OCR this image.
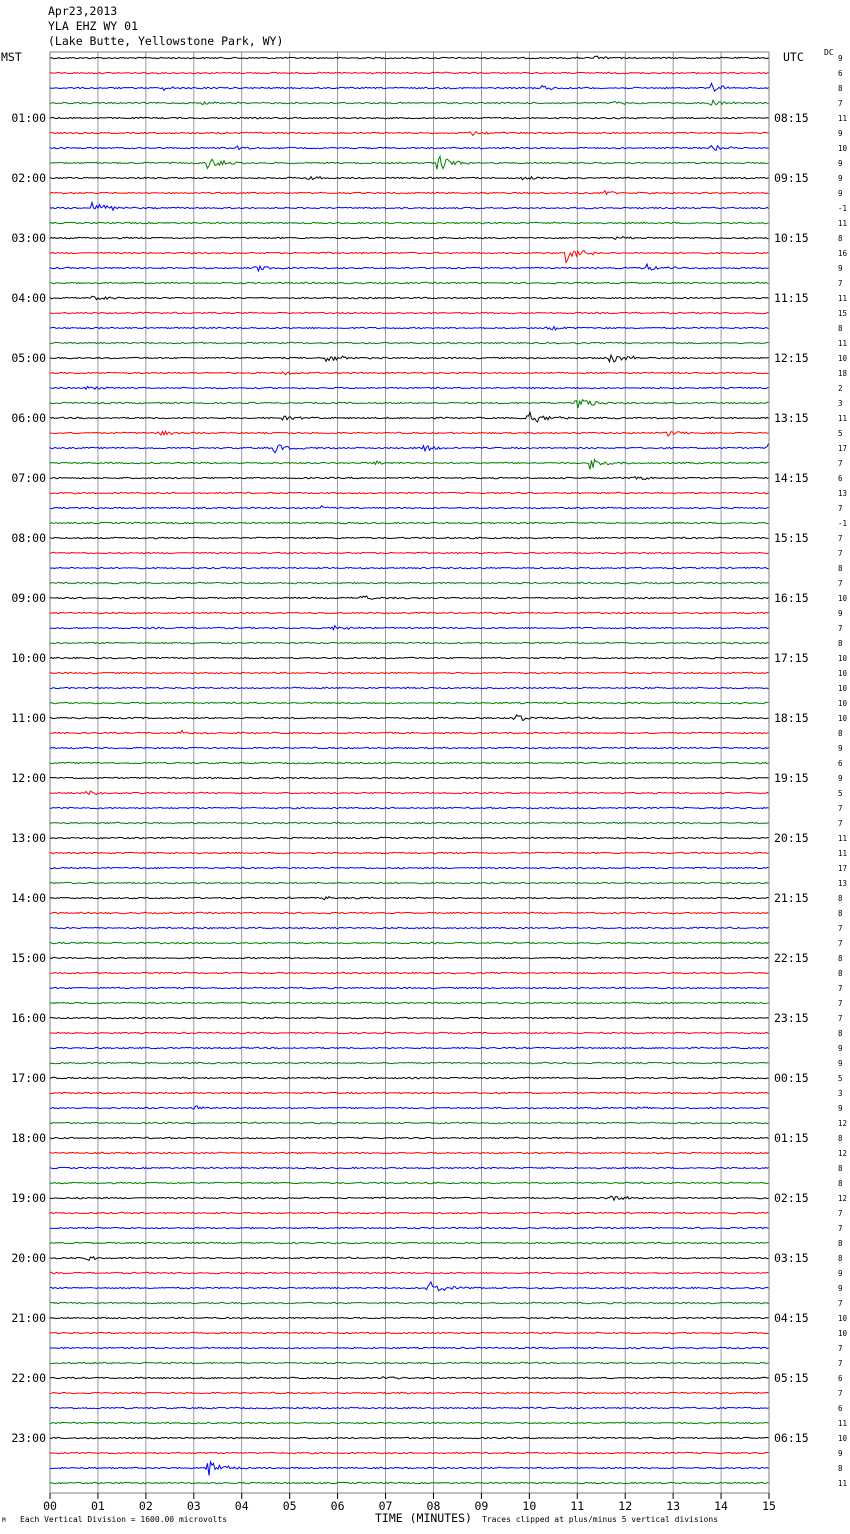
Apr23,2013
YLA EHZ WY 01
(Lake Butte, Yellowstone Park, WY)
MST	UTC	DC
00	01	02	03	04	05	06	07	08	09	10	11	12	13	14	15
9
6
8
7
11
9
10
9
9
9
-1
11
8
16
9
7
11
15
8
11
10
18
2
3
11
5
17
7
6
13
7
-1
7
7
8
7
10
9
7
8
10
10
10
10
10
8
9
6
9
5
7
7
11
11
17
13
8
8
7
7
8
8
7
7
7
8
9
9
5
3
9
12
8
12
8
8
12
7
7
8
8
9
9
7
10
10
7
7
6
7
6
11
10
9
8
11
01:00
02:00
03:00
04:00
05:00
06:00
07:00
08:00
09:00
10:00
11:00
12:00
13:00
14:00
15:00
16:00
17:00
18:00
19:00
20:00
21:00
22:00
23:00
08:15
09:15
10:15
11:15
12:15
13:15
14:15
15:15
16:15
17:15
18:15
19:15
20:15
21:15
22:15
23:15
00:15
01:15
02:15
03:15
04:15
05:15
06:15
Each Vertical Division = 1600.00 microvolts	TIME (MINUTES) Traces clipped at plus/minus 5 vertical divisions
M
